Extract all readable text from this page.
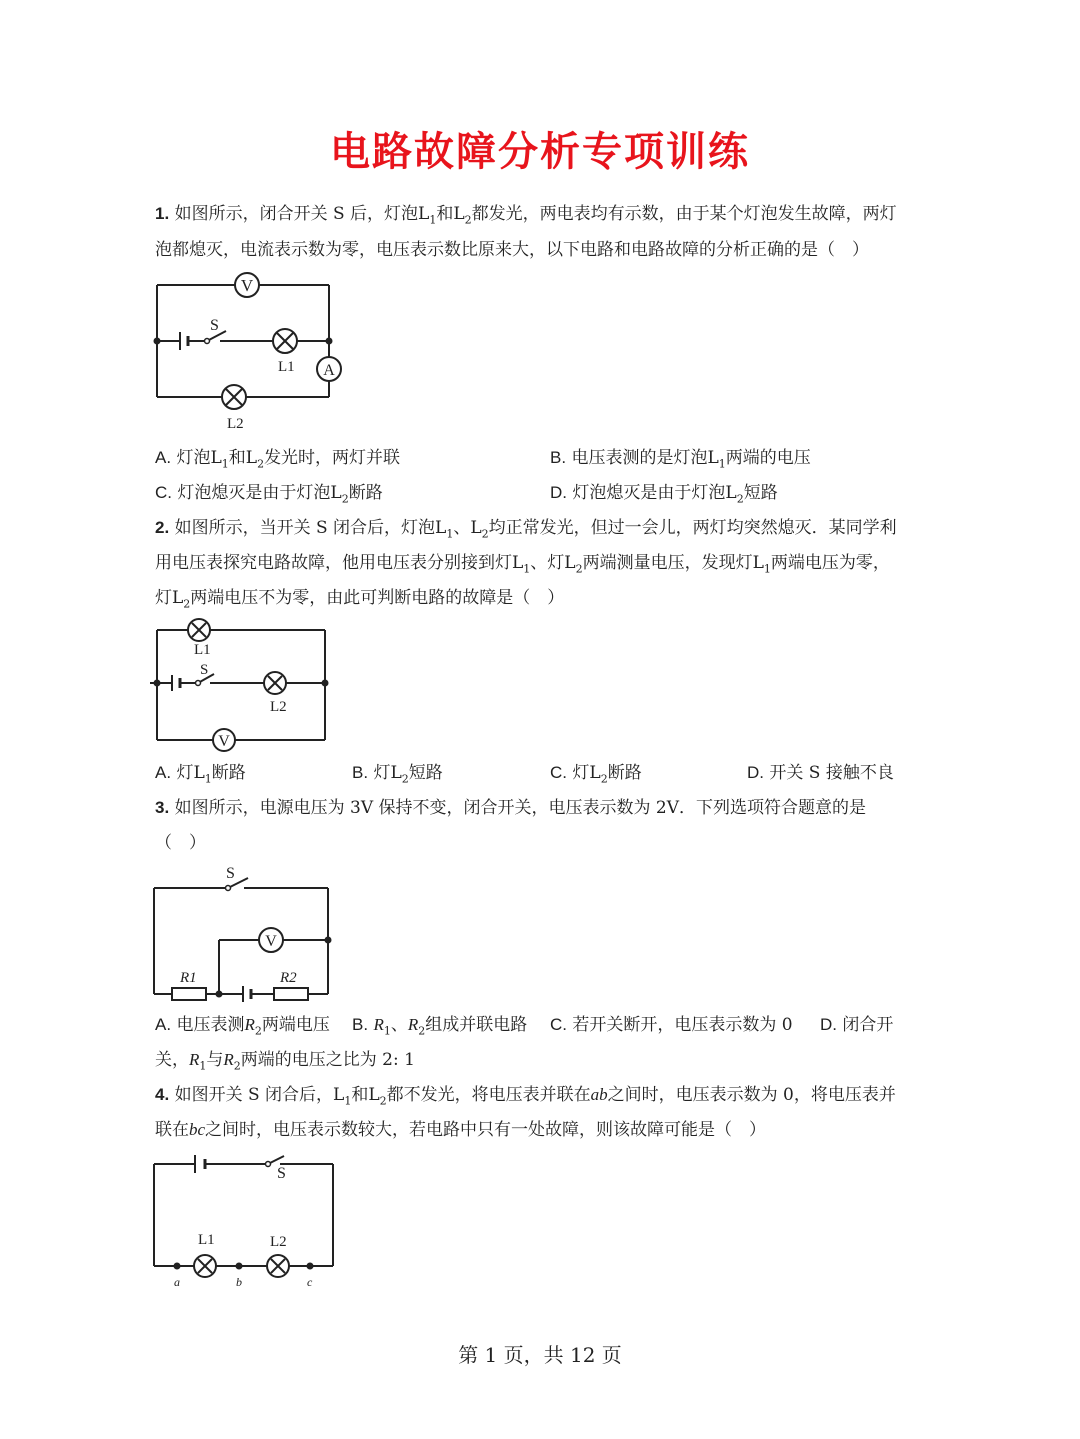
电路故障分析专项训练
1. 如图所示，闭合开关 S 后，灯泡$L_1$和$L_2$都发光，两电表均有示数，由于某个灯泡发生故障，两灯
泡都熄灭，电流表示数为零，电压表示数比原来大，以下电路和电路故障的分析正确的是（　）
V
A
S
L1
L2
A. 灯泡$L_1$和$L_2$发光时，两灯并联	B. 电压表测的是灯泡$L_1$两端的电压
C. 灯泡熄灭是由于灯泡$L_2$断路	D. 灯泡熄灭是由于灯泡$L_2$短路
2. 如图所示，当开关 S 闭合后，灯泡$L_1$、$L_2$均正常发光，但过一会儿，两灯均突然熄灭．某同学利
用电压表探究电路故障，他用电压表分别接到灯$L_1$、灯$L_2$两端测量电压，发现灯$L_1$两端电压为零，
灯$L_2$两端电压不为零，由此可判断电路的故障是（　）
L1
S
L2
V
A. 灯$L_1$断路	B. 灯$L_2$短路	C. 灯$L_2$断路	D. 开关 S 接触不良
3. 如图所示，电源电压为 3V 保持不变，闭合开关，电压表示数为 2V．下列选项符合题意的是
（　）
S
V
R1	R2
A. 电压表测$R_2$两端电压 B. $R_1$、$R_2$组成并联电路 C. 若开关断开，电压表示数为 0 D. 闭合开
关，$R_1$与$R_2$两端的电压之比为 2: 1
4. 如图开关 S 闭合后，$L_1$和$L_2$都不发光，将电压表并联在ab之间时，电压表示数为 0，将电压表并
联在bc之间时，电压表示数较大，若电路中只有一处故障，则该故障可能是（　）
S
L1	L2
a	b	c
第 1 页，共 12 页
